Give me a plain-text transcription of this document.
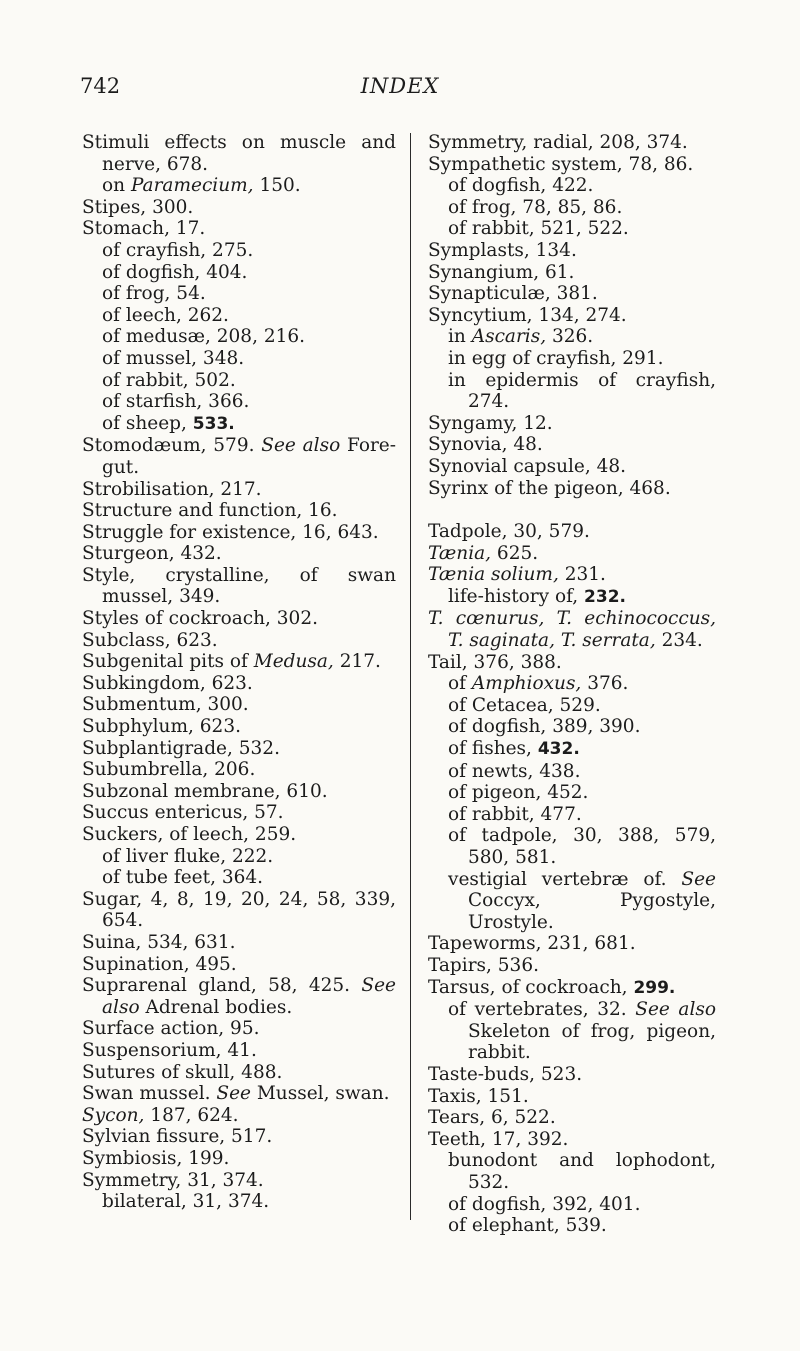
742	INDEX

Stimuli effects on muscle and nerve, 678.

on Paramecium, 150.

Stipes, 300.

Stomach, 17.

of crayfish, 275.

of dogfish, 404.

of frog, 54.

of leech, 262.

of medusæ, 208, 216.

of mussel, 348.

of rabbit, 502.

of starfish, 366.

of sheep, 533.

Stomodæum, 579. See also Fore-gut.

Strobilisation, 217.

Structure and function, 16.

Struggle for existence, 16, 643.

Sturgeon, 432.

Style, crystalline, of swan mussel, 349.

Styles of cockroach, 302.

Subclass, 623.

Subgenital pits of Medusa, 217.

Subkingdom, 623.

Submentum, 300.

Subphylum, 623.

Subplantigrade, 532.

Subumbrella, 206.

Subzonal membrane, 610.

Succus entericus, 57.

Suckers, of leech, 259.

of liver fluke, 222.

of tube feet, 364.

Sugar, 4, 8, 19, 20, 24, 58, 339, 654.

Suina, 534, 631.

Supination, 495.

Suprarenal gland, 58, 425. See also Adrenal bodies.

Surface action, 95.

Suspensorium, 41.

Sutures of skull, 488.

Swan mussel. See Mussel, swan.

Sycon, 187, 624.

Sylvian fissure, 517.

Symbiosis, 199.

Symmetry, 31, 374.

bilateral, 31, 374.

Symmetry, radial, 208, 374.

Sympathetic system, 78, 86.

of dogfish, 422.

of frog, 78, 85, 86.

of rabbit, 521, 522.

Symplasts, 134.

Synangium, 61.

Synapticulæ, 381.

Syncytium, 134, 274.

in Ascaris, 326.

in egg of crayfish, 291.

in epidermis of crayfish, 274.

Syngamy, 12.

Synovia, 48.

Synovial capsule, 48.

Syrinx of the pigeon, 468.

Tadpole, 30, 579.

Tænia, 625.

Tænia solium, 231.

life-history of, 232.

T. cœnurus, T. echinococcus, T. saginata, T. serrata, 234.

Tail, 376, 388.

of Amphioxus, 376.

of Cetacea, 529.

of dogfish, 389, 390.

of fishes, 432.

of newts, 438.

of pigeon, 452.

of rabbit, 477.

of tadpole, 30, 388, 579, 580, 581.

vestigial vertebræ of. See Coccyx, Pygostyle, Urostyle.

Tapeworms, 231, 681.

Tapirs, 536.

Tarsus, of cockroach, 299.

of vertebrates, 32. See also Skeleton of frog, pigeon, rabbit.

Taste-buds, 523.

Taxis, 151.

Tears, 6, 522.

Teeth, 17, 392.

bunodont and lophodont, 532.

of dogfish, 392, 401.

of elephant, 539.
